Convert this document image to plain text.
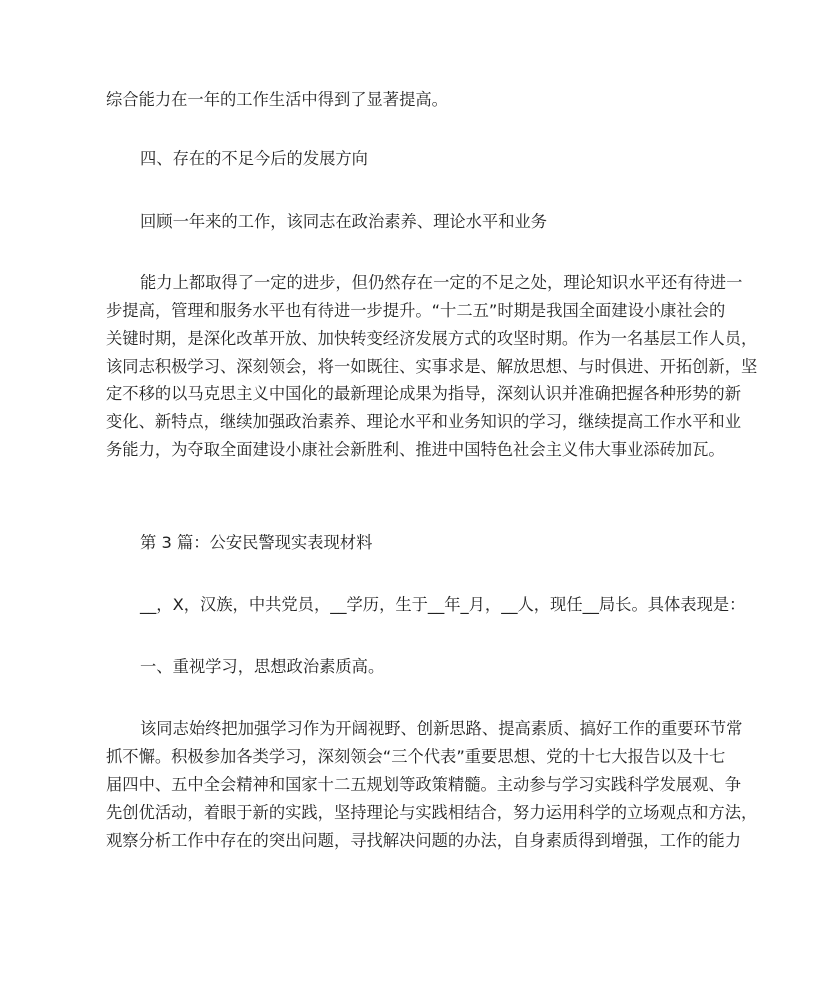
综合能力在一年的工作生活中得到了显著提高。
四、存在的不足今后的发展方向
回顾一年来的工作，该同志在政治素养、理论水平和业务
能力上都取得了一定的进步，但仍然存在一定的不足之处，理论知识水平还有待进一
步提高，管理和服务水平也有待进一步提升。“十二五”时期是我国全面建设小康社会的
关键时期，是深化改革开放、加快转变经济发展方式的攻坚时期。作为一名基层工作人员，
该同志积极学习、深刻领会，将一如既往、实事求是、解放思想、与时俱进、开拓创新，坚
定不移的以马克思主义中国化的最新理论成果为指导，深刻认识并准确把握各种形势的新
变化、新特点，继续加强政治素养、理论水平和业务知识的学习，继续提高工作水平和业
务能力，为夺取全面建设小康社会新胜利、推进中国特色社会主义伟大事业添砖加瓦。
第 3 篇：公安民警现实表现材料
__，X，汉族，中共党员，__学历，生于__年_月，__人，现任__局长。具体表现是：
一、重视学习，思想政治素质高。
该同志始终把加强学习作为开阔视野、创新思路、提高素质、搞好工作的重要环节常
抓不懈。积极参加各类学习，深刻领会“三个代表”重要思想、党的十七大报告以及十七
届四中、五中全会精神和国家十二五规划等政策精髓。主动参与学习实践科学发展观、争
先创优活动，着眼于新的实践，坚持理论与实践相结合，努力运用科学的立场观点和方法，
观察分析工作中存在的突出问题，寻找解决问题的办法，自身素质得到增强，工作的能力
